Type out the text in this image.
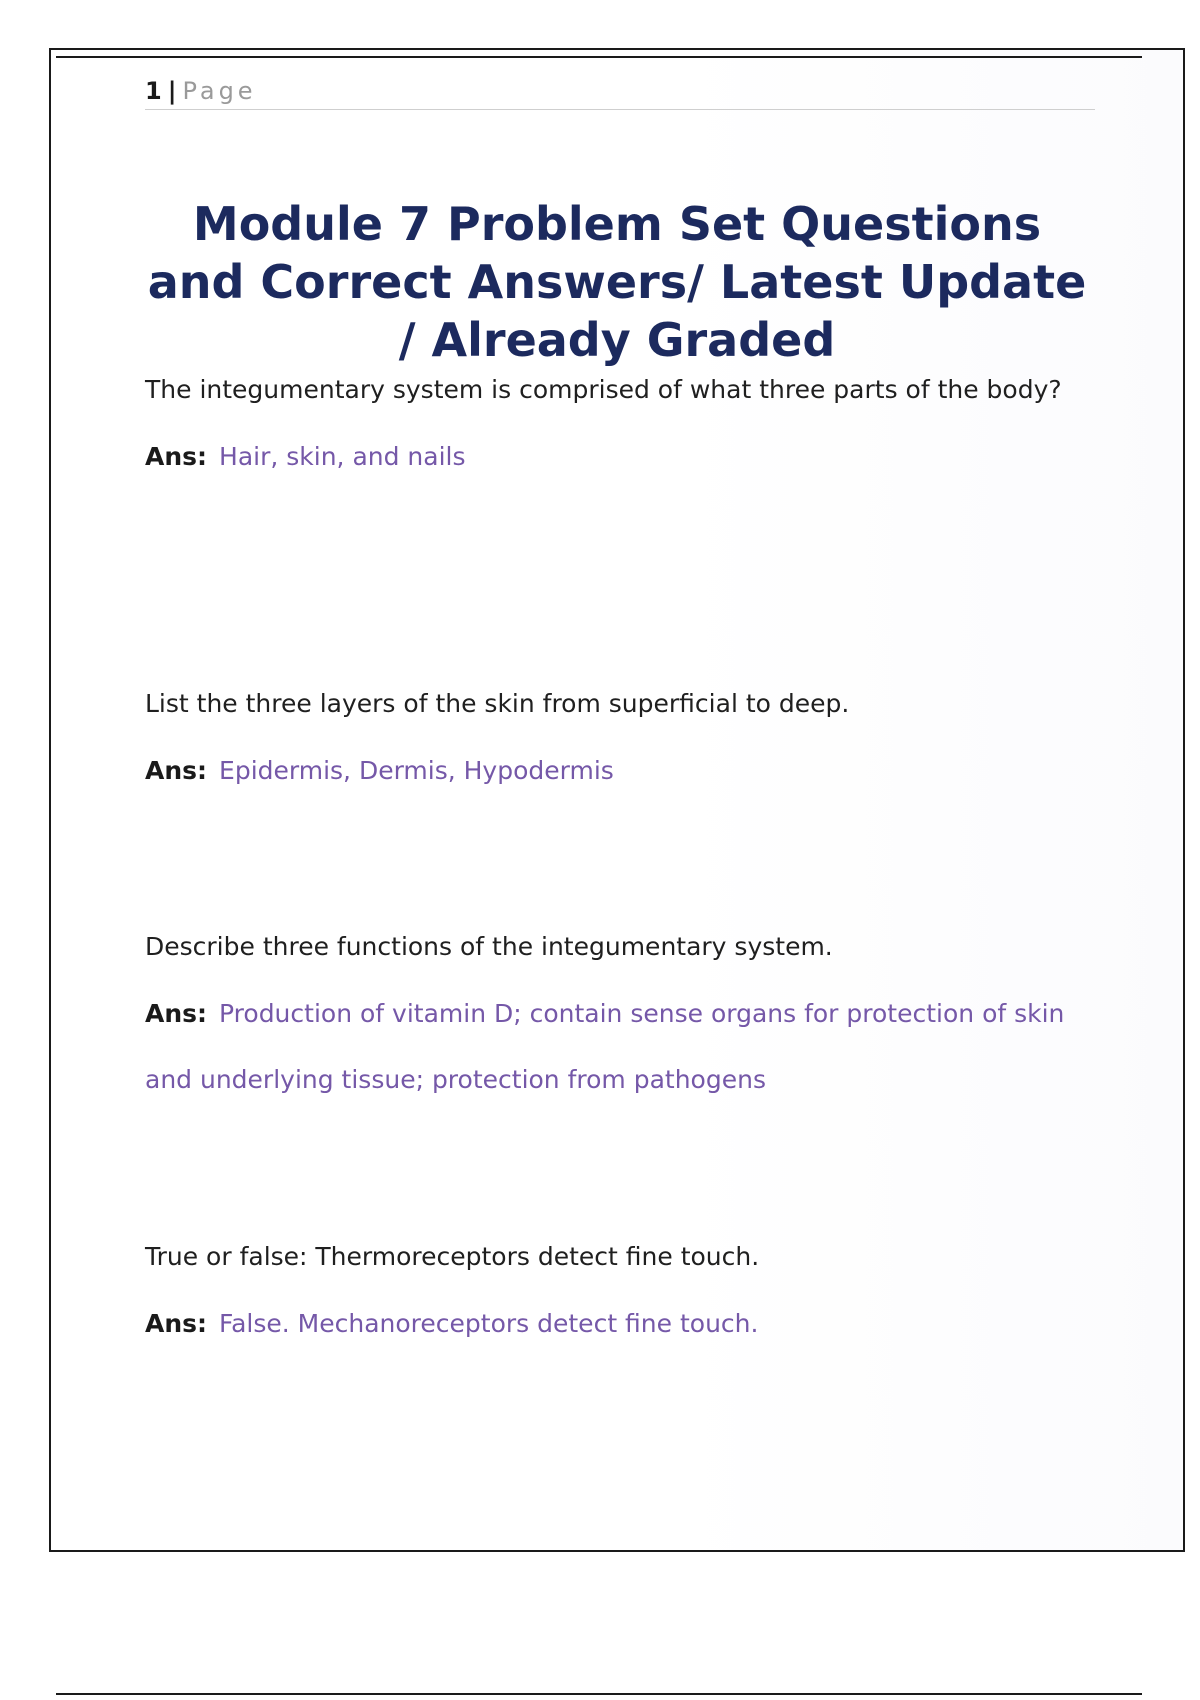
1 | Page
Module 7 Problem Set Questions and Correct Answers/ Latest Update / Already Graded

The integumentary system is comprised of what three parts of the body?

Ans: Hair, skin, and nails

List the three layers of the skin from superficial to deep.

Ans: Epidermis, Dermis, Hypodermis

Describe three functions of the integumentary system.

Ans: Production of vitamin D; contain sense organs for protection of skin and underlying tissue; protection from pathogens

True or false: Thermoreceptors detect fine touch.

Ans: False. Mechanoreceptors detect fine touch.
